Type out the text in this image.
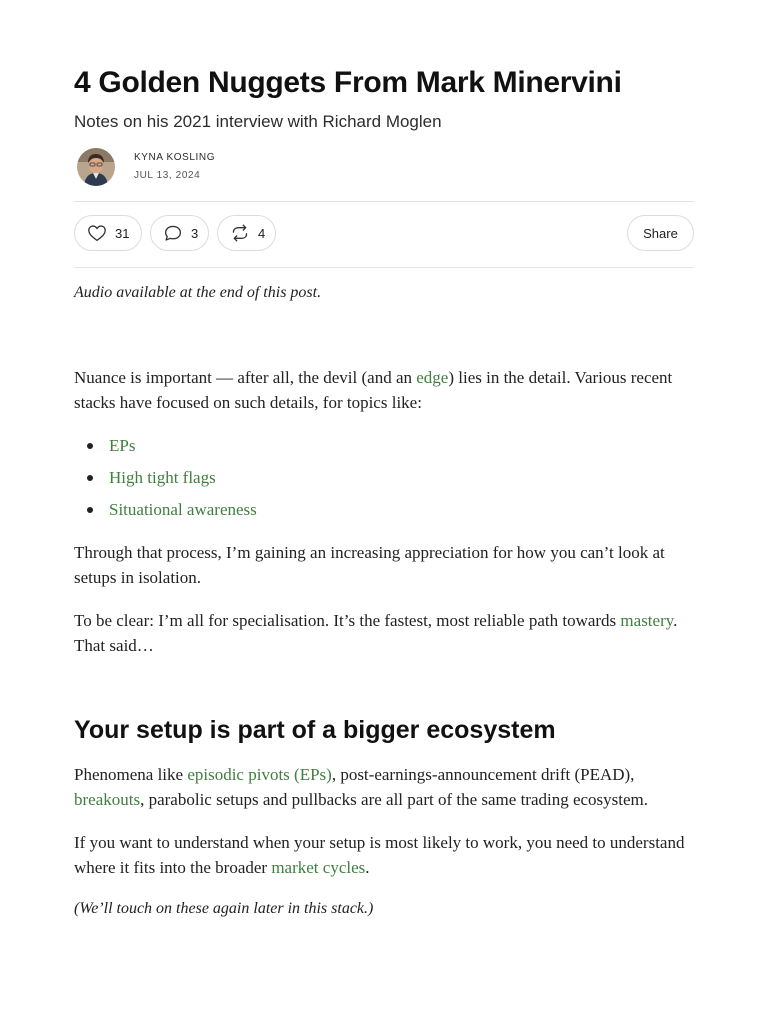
4 Golden Nuggets From Mark Minervini
Notes on his 2021 interview with Richard Moglen
KYNA KOSLING
JUL 13, 2024
31	3	4	Share
Audio available at the end of this post.

Nuance is important — after all, the devil (and an edge) lies in the detail. Various recent stacks have focused on such details, for topics like:

EPs
High tight flags
Situational awareness

Through that process, I’m gaining an increasing appreciation for how you can’t look at setups in isolation.

To be clear: I’m all for specialisation. It’s the fastest, most reliable path towards mastery. That said…

Your setup is part of a bigger ecosystem

Phenomena like episodic pivots (EPs), post-earnings-announcement drift (PEAD), breakouts, parabolic setups and pullbacks are all part of the same trading ecosystem.

If you want to understand when your setup is most likely to work, you need to understand where it fits into the broader market cycles.

(We’ll touch on these again later in this stack.)
